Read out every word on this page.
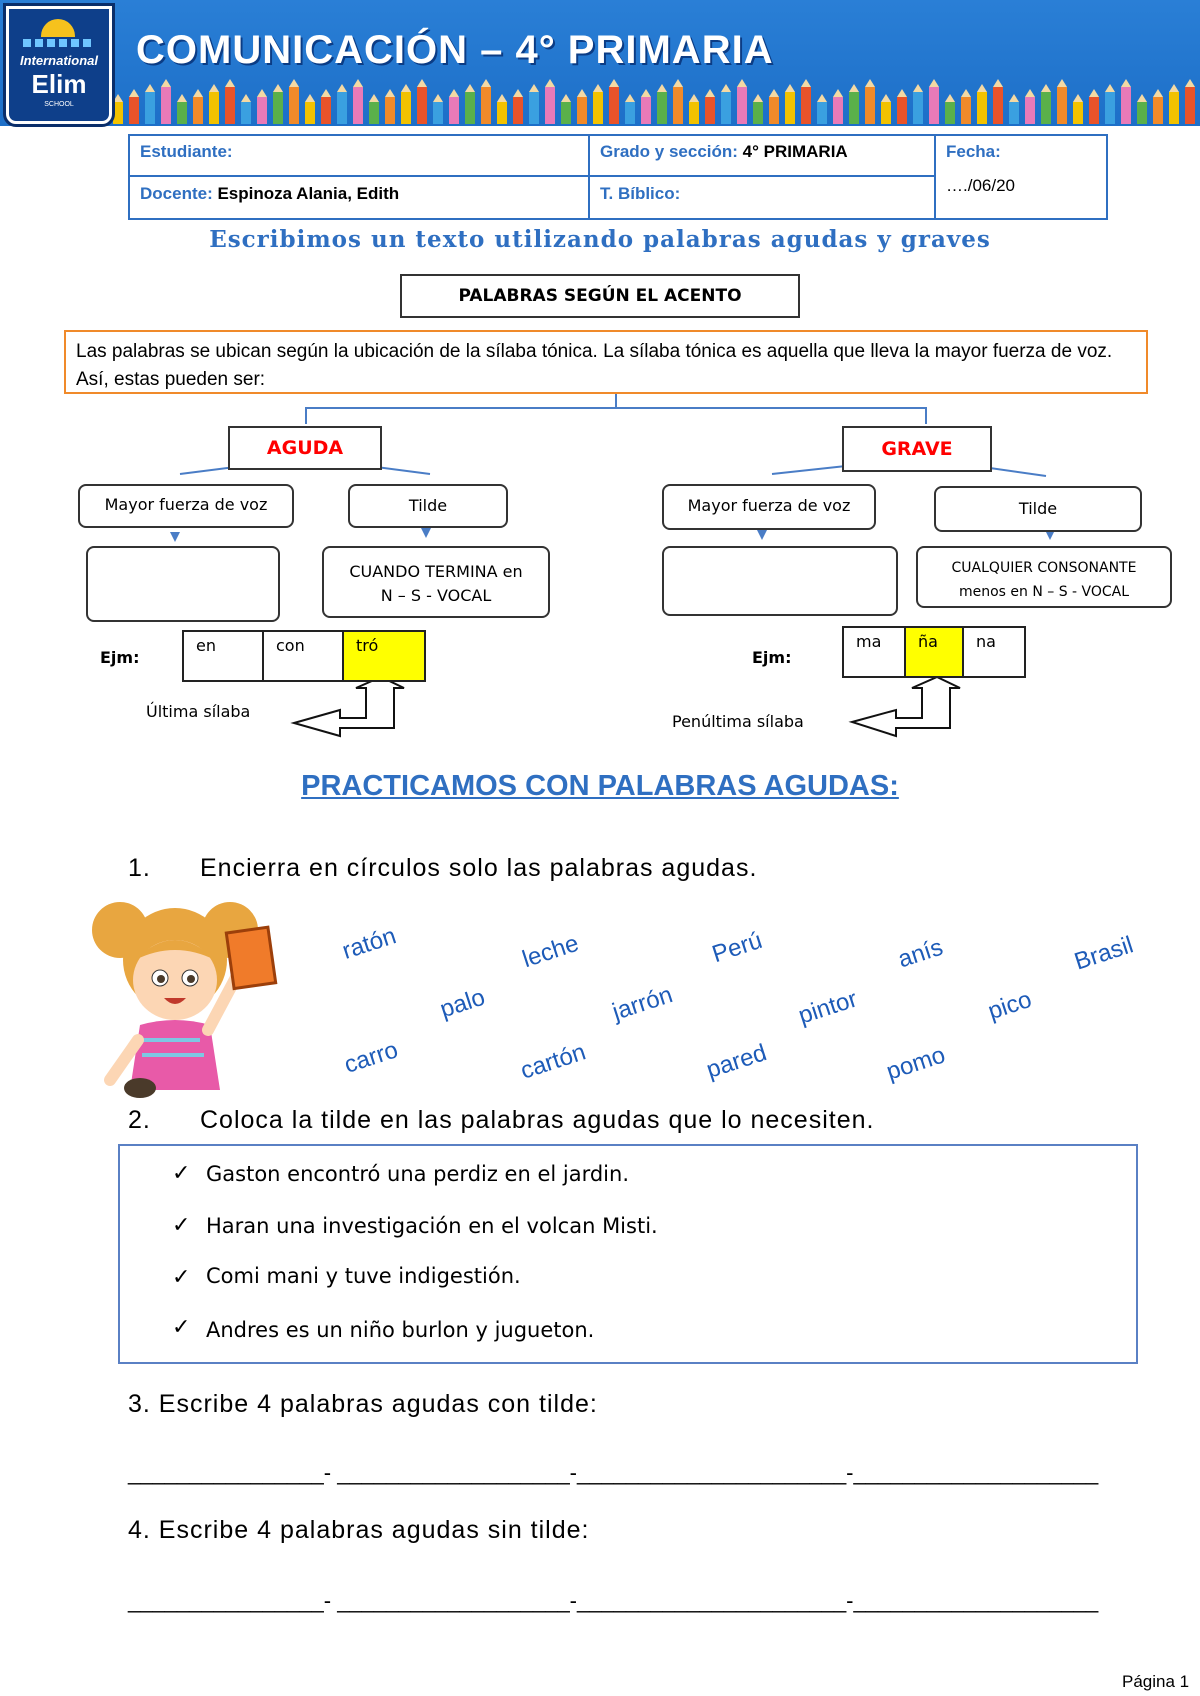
International
Elim
SCHOOL
COMUNICACIÓN – 4° PRIMARIA
Estudiante:	Grado y sección: 4° PRIMARIA	Fecha:
…./06/20
Docente: Espinoza Alania, Edith	T. Bíblico:
Escribimos un texto utilizando palabras agudas y graves
PALABRAS SEGÚN EL ACENTO
Las palabras se ubican según la ubicación de la sílaba tónica. La sílaba tónica es aquella que lleva la mayor fuerza de voz. Así, estas pueden ser:
AGUDA
Mayor fuerza de voz	Tilde
CUANDO TERMINA en
N – S - VOCAL
Ejm:
en	con	tró
Última sílaba
GRAVE
Mayor fuerza de voz	Tilde
CUALQUIER CONSONANTE
menos en N – S - VOCAL
Ejm:
ma	ña	na
Penúltima sílaba
PRACTICAMOS CON PALABRAS AGUDAS:
1. Encierra en círculos solo las palabras agudas.
ratón
palo
leche
jarrón
Perú
pintor
anís
pico
Brasil
carro	cartón	pared	pomo
2. Coloca la tilde en las palabras agudas que lo necesiten.
✓ Gaston encontró una perdiz en el jardin.
✓ Haran una investigación en el volcan Misti.
✓ Comi mani y tuve indigestión.
✓ Andres es un niño burlon y jugueton.
3. Escribe 4 palabras agudas con tilde:
________________- ___________________-______________________-____________________
4. Escribe 4 palabras agudas sin tilde:
________________- ___________________-______________________-____________________
Página 1
